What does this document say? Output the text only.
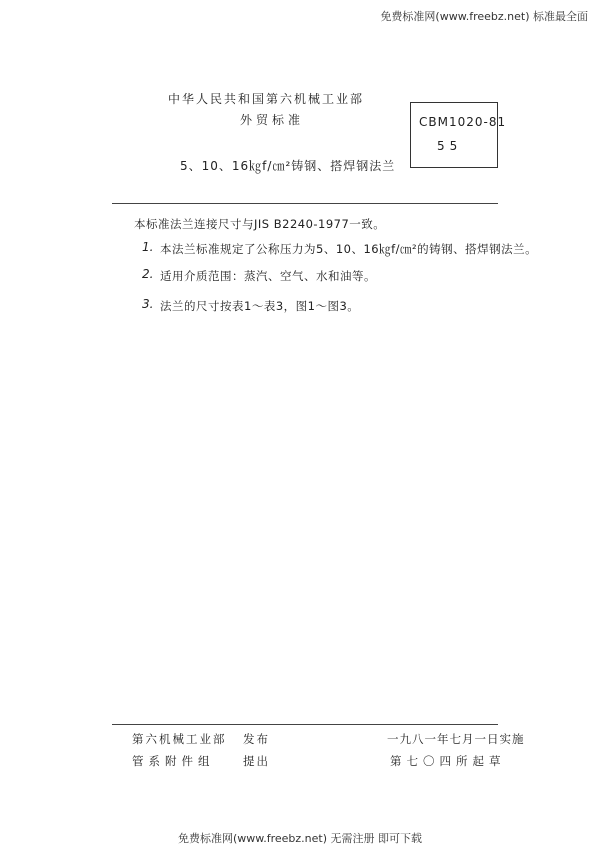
免费标准网(www.freebz.net) 标准最全面
中华人民共和国第六机械工业部
外贸标准
5、10、16㎏f/㎝²铸钢、搭焊钢法兰
CBM1020-81
55
本标准法兰连接尺寸与JIS B2240-1977一致。
1. 本法兰标准规定了公称压力为5、10、16㎏f/㎝²的铸钢、搭焊钢法兰。
2. 适用介质范围：蒸汽、空气、水和油等。
3. 法兰的尺寸按表1～表3，图1～图3。
第六机械工业部 发布
管系附件组 提出
一九八一年七月一日实施
第七〇四所起草
免费标准网(www.freebz.net) 无需注册 即可下载
